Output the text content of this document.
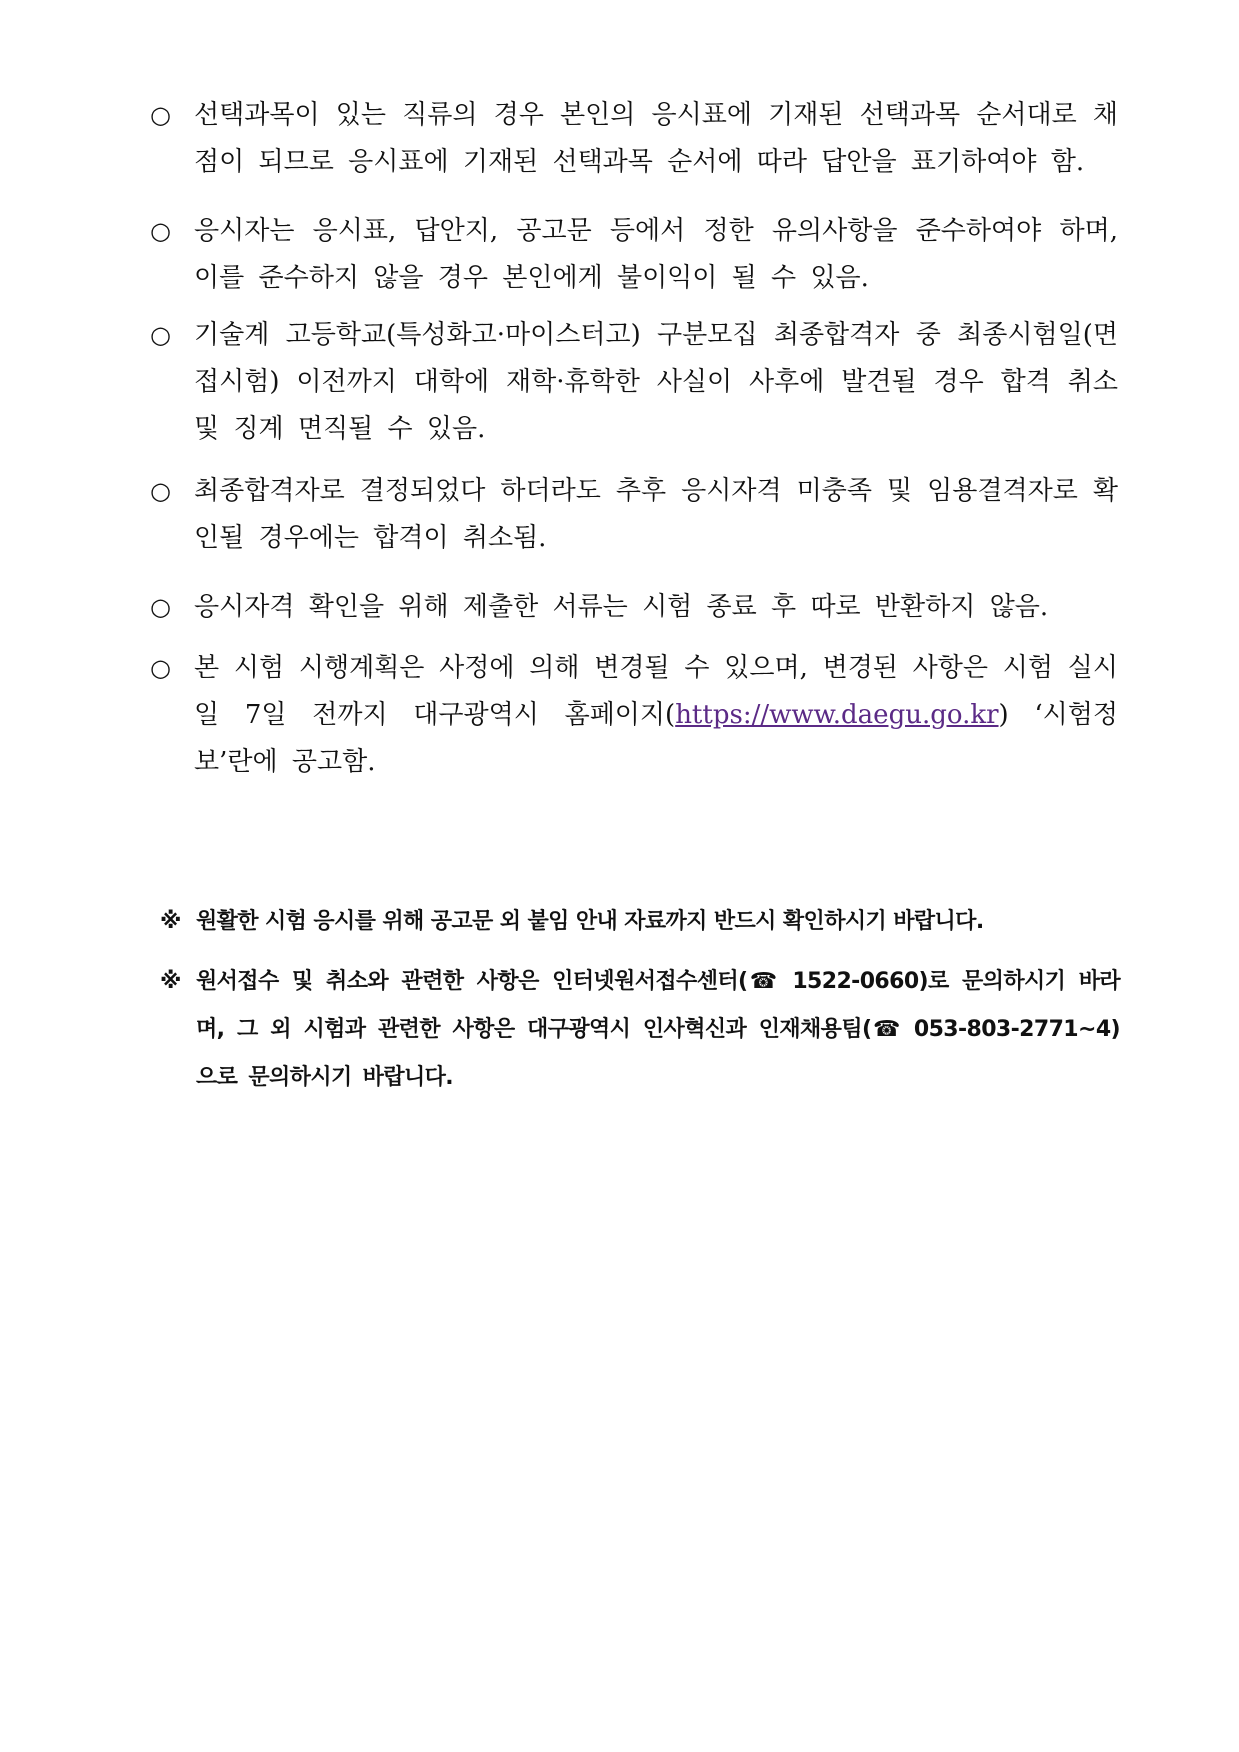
○ 선택과목이 있는 직류의 경우 본인의 응시표에 기재된 선택과목 순서대로 채점이 되므로 응시표에 기재된 선택과목 순서에 따라 답안을 표기하여야 함.
○ 응시자는 응시표, 답안지, 공고문 등에서 정한 유의사항을 준수하여야 하며, 이를 준수하지 않을 경우 본인에게 불이익이 될 수 있음.
○ 기술계 고등학교(특성화고·마이스터고) 구분모집 최종합격자 중 최종시험일(면접시험) 이전까지 대학에 재학·휴학한 사실이 사후에 발견될 경우 합격 취소 및 징계 면직될 수 있음.
○ 최종합격자로 결정되었다 하더라도 추후 응시자격 미충족 및 임용결격자로 확인될 경우에는 합격이 취소됨.
○ 응시자격 확인을 위해 제출한 서류는 시험 종료 후 따로 반환하지 않음.
○ 본 시험 시행계획은 사정에 의해 변경될 수 있으며, 변경된 사항은 시험 실시일 7일 전까지 대구광역시 홈페이지(https://www.daegu.go.kr) ‘시험정보’란에 공고함.
※ 원활한 시험 응시를 위해 공고문 외 붙임 안내 자료까지 반드시 확인하시기 바랍니다.
※ 원서접수 및 취소와 관련한 사항은 인터넷원서접수센터(☎ 1522-0660)로 문의하시기 바라며, 그 외 시험과 관련한 사항은 대구광역시 인사혁신과 인재채용팀(☎ 053-803-2771~4)으로 문의하시기 바랍니다.
